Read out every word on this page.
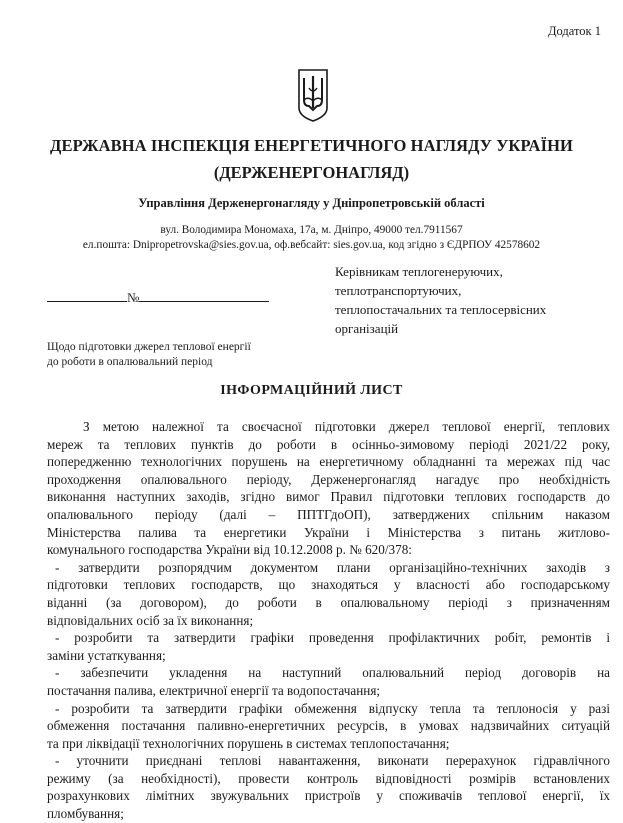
Додаток 1
ДЕРЖАВНА ІНСПЕКЦІЯ ЕНЕРГЕТИЧНОГО НАГЛЯДУ УКРАЇНИ
(ДЕРЖЕНЕРГОНАГЛЯД)
Управління Держенергонагляду у Дніпропетровській області
вул. Володимира Мономаха, 17а, м. Дніпро, 49000 тел.7911567
ел.пошта: Dnipropetrovska@sies.gov.ua, оф.вебсайт: sies.gov.ua, код згідно з ЄДРПОУ 42578602
№
Керівникам теплогенеруючих,
теплотранспортуючих,
теплопостачальних та теплосервісних
організацій
Щодо підготовки джерел теплової енергії
до роботи в опалювальний період
ІНФОРМАЦІЙНИЙ ЛИСТ
З метою належної та своєчасної підготовки джерел теплової енергії, теплових
мереж та теплових пунктів до роботи в осінньо-зимовому періоді 2021/22 року,
попередженню технологічних порушень на енергетичному обладнанні та мережах під час
проходження опалювального періоду, Держенергонагляд нагадує про необхідність
виконання наступних заходів, згідно вимог Правил підготовки теплових господарств до
опалювального періоду (далі – ППТГдоОП), затверджених спільним наказом
Міністерства палива та енергетики України і Міністерства з питань житлово-
комунального господарства України від 10.12.2008 р. № 620/378:
- затвердити розпорядчим документом плани організаційно-технічних заходів з
підготовки теплових господарств, що знаходяться у власності або господарському
віданні (за договором), до роботи в опалювальному періоді з призначенням
відповідальних осіб за їх виконання;
- розробити та затвердити графіки проведення профілактичних робіт, ремонтів і
заміни устаткування;
- забезпечити укладення на наступний опалювальний період договорів на
постачання палива, електричної енергії та водопостачання;
- розробити та затвердити графіки обмеження відпуску тепла та теплоносія у разі
обмеження постачання паливно-енергетичних ресурсів, в умовах надзвичайних ситуацій
та при ліквідації технологічних порушень в системах теплопостачання;
- уточнити приєднані теплові навантаження, виконати перерахунок гідравлічного
режиму (за необхідності), провести контроль відповідності розмірів встановлених
розрахункових лімітних звужувальних пристроїв у споживачів теплової енергії, їх
пломбування;
